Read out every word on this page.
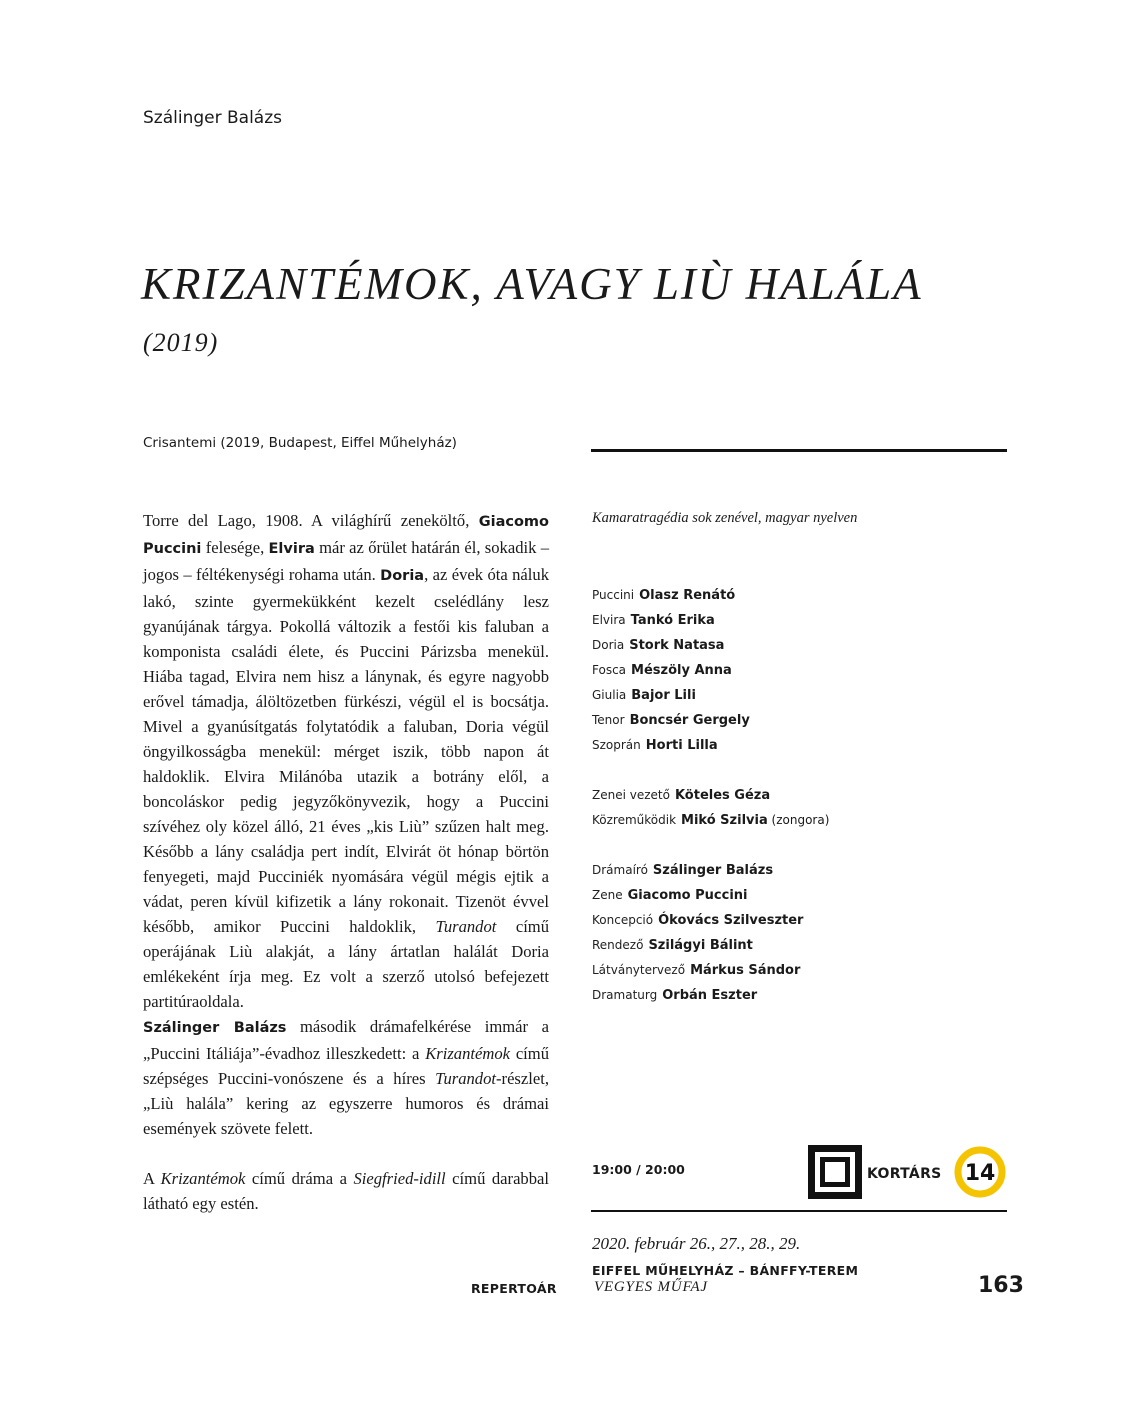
Szálinger Balázs
KRIZANTÉMOK, AVAGY LIÙ HALÁLA
(2019)
Crisantemi (2019, Budapest, Eiffel Műhelyház)

Torre del Lago, 1908. A világhírű zeneköltő, Giacomo Puccini felesége, Elvira már az őrület határán él, sokadik – jogos – féltékenységi rohama után. Doria, az évek óta náluk lakó, szinte gyermekükként kezelt cselédlány lesz gyanújának tárgya. Pokollá változik a festői kis faluban a komponista családi élete, és Puccini Párizsba menekül. Hiába tagad, Elvira nem hisz a lánynak, és egyre nagyobb erővel támadja, álöltözetben fürkészi, végül el is bocsátja. Mivel a gyanúsítgatás folytatódik a faluban, Doria végül öngyilkosságba menekül: mérget iszik, több napon át haldoklik. Elvira Milánóba utazik a botrány elől, a boncoláskor pedig jegyzőkönyvezik, hogy a Puccini szívéhez oly közel álló, 21 éves „kis Liù” szűzen halt meg. Később a lány családja pert indít, Elvirát öt hónap börtön fenyegeti, majd Pucciniék nyomására végül mégis ejtik a vádat, peren kívül kifizetik a lány rokonait. Tizenöt évvel később, amikor Puccini haldoklik, Turandot című operájának Liù alakját, a lány ártatlan halálát Doria emlékeként írja meg. Ez volt a szerző utolsó befejezett partitúraoldala.

Szálinger Balázs második drámafelkérése immár a „Puccini Itáliája”-évadhoz illeszkedett: a Krizantémok című szépséges Puccini-vonószene és a híres Turandot-részlet, „Liù halála” kering az egyszerre humoros és drámai események szövete felett.

A Krizantémok című dráma a Siegfried-idill című darabbal látható egy estén.

Kamaratragédia sok zenével, magyar nyelven
Puccini Olasz Renátó
Elvira Tankó Erika
Doria Stork Natasa
Fosca Mészöly Anna
Giulia Bajor Lili
Tenor Boncsér Gergely
Szoprán Horti Lilla
Zenei vezető Köteles Géza
Közreműködik Mikó Szilvia (zongora)
Drámaíró Szálinger Balázs
Zene Giacomo Puccini
Koncepció Ókovács Szilveszter
Rendező Szilágyi Bálint
Látványtervező Márkus Sándor
Dramaturg Orbán Eszter
19:00 / 20:00	KORTÁRS 14
2020. február 26., 27., 28., 29.
EIFFEL MŰHELYHÁZ – BÁNFFY-TEREM
REPERTOÁR VEGYES MŰFAJ	163
